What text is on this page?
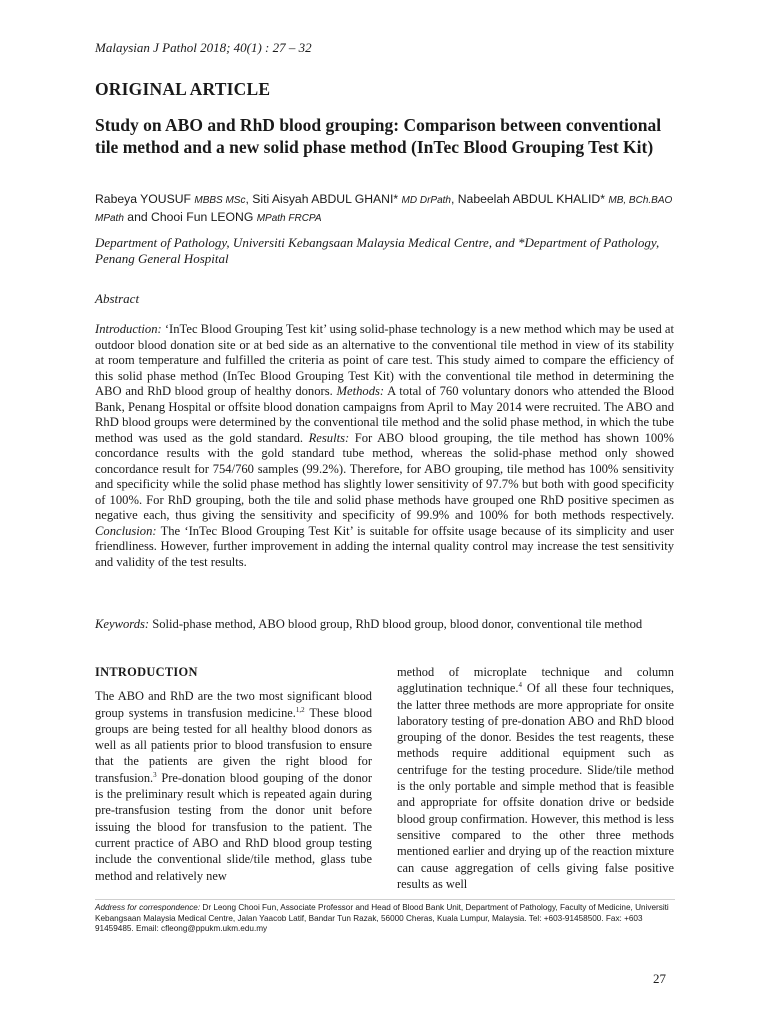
Malaysian J Pathol 2018; 40(1) : 27 – 32
ORIGINAL ARTICLE
Study on ABO and RhD blood grouping: Comparison between conventional tile method and a new solid phase method (InTec Blood Grouping Test Kit)
Rabeya YOUSUF MBBS MSc, Siti Aisyah ABDUL GHANI* MD DrPath, Nabeelah ABDUL KHALID* MB, BCh.BAO MPath and Chooi Fun LEONG MPath FRCPA
Department of Pathology, Universiti Kebangsaan Malaysia Medical Centre, and *Department of Pathology, Penang General Hospital
Abstract
Introduction: ‘InTec Blood Grouping Test kit’ using solid-phase technology is a new method which may be used at outdoor blood donation site or at bed side as an alternative to the conventional tile method in view of its stability at room temperature and fulfilled the criteria as point of care test. This study aimed to compare the efficiency of this solid phase method (InTec Blood Grouping Test Kit) with the conventional tile method in determining the ABO and RhD blood group of healthy donors. Methods: A total of 760 voluntary donors who attended the Blood Bank, Penang Hospital or offsite blood donation campaigns from April to May 2014 were recruited. The ABO and RhD blood groups were determined by the conventional tile method and the solid phase method, in which the tube method was used as the gold standard. Results: For ABO blood grouping, the tile method has shown 100% concordance results with the gold standard tube method, whereas the solid-phase method only showed concordance result for 754/760 samples (99.2%). Therefore, for ABO grouping, tile method has 100% sensitivity and specificity while the solid phase method has slightly lower sensitivity of 97.7% but both with good specificity of 100%. For RhD grouping, both the tile and solid phase methods have grouped one RhD positive specimen as negative each, thus giving the sensitivity and specificity of 99.9% and 100% for both methods respectively. Conclusion: The ‘InTec Blood Grouping Test Kit’ is suitable for offsite usage because of its simplicity and user friendliness. However, further improvement in adding the internal quality control may increase the test sensitivity and validity of the test results.
Keywords: Solid-phase method, ABO blood group, RhD blood group, blood donor, conventional tile method
INTRODUCTION

The ABO and RhD are the two most significant blood group systems in transfusion medicine.$^{1,2}$ These blood groups are being tested for all healthy blood donors as well as all patients prior to blood transfusion to ensure that the patients are given the right blood for transfusion.$^3$ Pre-donation blood gouping of the donor is the preliminary result which is repeated again during pre-transfusion testing from the donor unit before issuing the blood for transfusion to the patient. The current practice of ABO and RhD blood group testing include the conventional slide/tile method, glass tube method and relatively new

method of microplate technique and column agglutination technique.$^4$ Of all these four techniques, the latter three methods are more appropriate for onsite laboratory testing of pre-donation ABO and RhD blood grouping of the donor. Besides the test reagents, these methods require additional equipment such as centrifuge for the testing procedure. Slide/tile method is the only portable and simple method that is feasible and appropriate for offsite donation drive or bedside blood group confirmation. However, this method is less sensitive compared to the other three methods mentioned earlier and drying up of the reaction mixture can cause aggregation of cells giving false positive results as well

Address for correspondence: Dr Leong Chooi Fun, Associate Professor and Head of Blood Bank Unit, Department of Pathology, Faculty of Medicine, Universiti Kebangsaan Malaysia Medical Centre, Jalan Yaacob Latif, Bandar Tun Razak, 56000 Cheras, Kuala Lumpur, Malaysia. Tel: +603-91458500. Fax: +603 91459485. Email: cfleong@ppukm.ukm.edu.my
27
